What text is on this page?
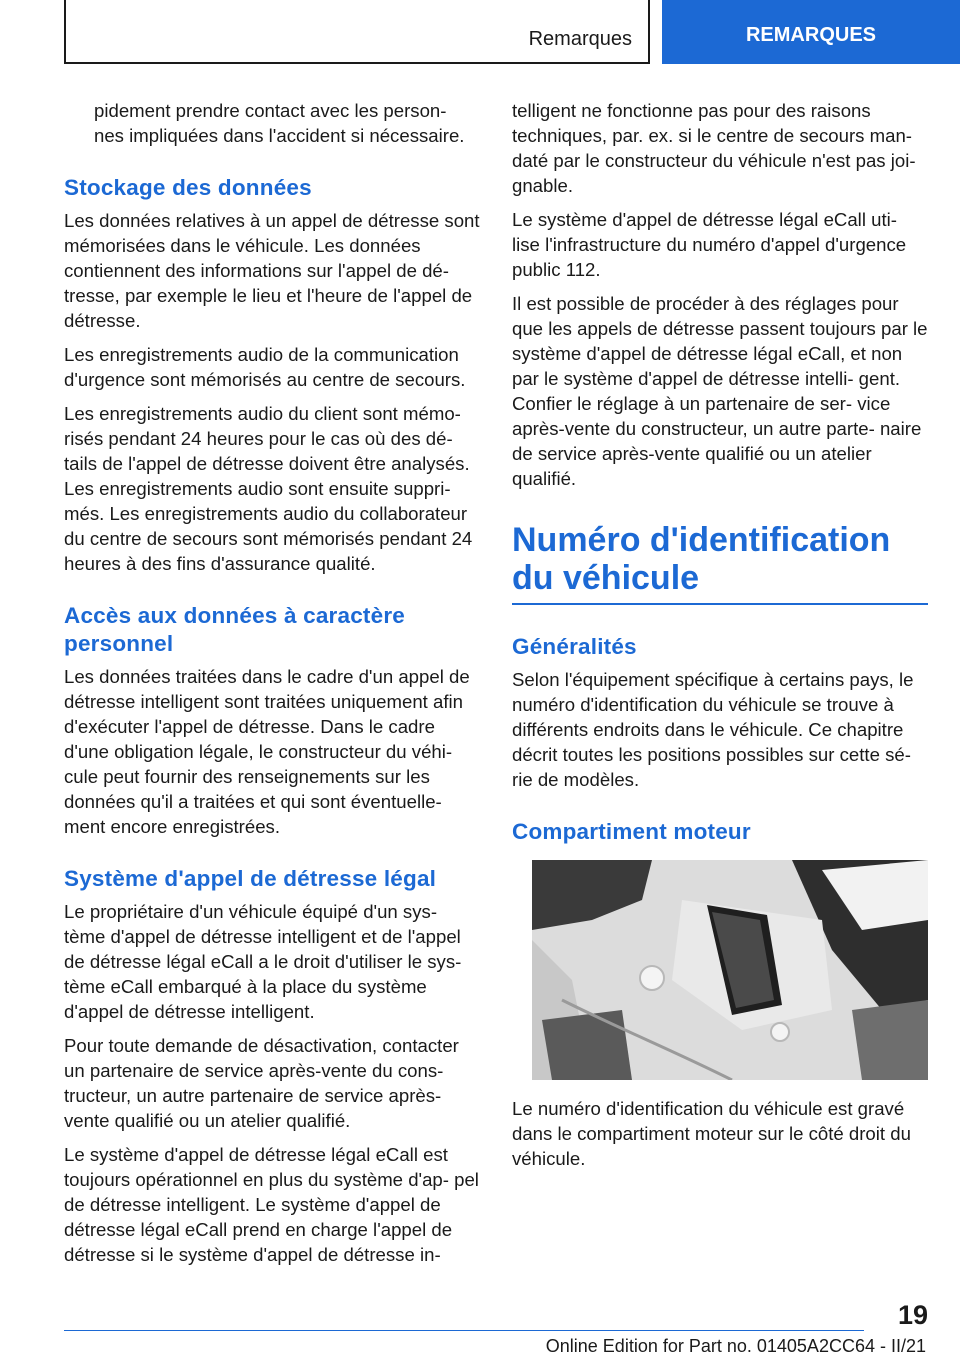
Remarques	REMARQUES

pidement prendre contact avec les person‐ nes impliquées dans l'accident si nécessaire.

Stockage des données

Les données relatives à un appel de détresse sont mémorisées dans le véhicule. Les données contiennent des informations sur l'appel de dé‐ tresse, par exemple le lieu et l'heure de l'appel de détresse.

Les enregistrements audio de la communication d'urgence sont mémorisés au centre de secours.

Les enregistrements audio du client sont mémo‐ risés pendant 24 heures pour le cas où des dé‐ tails de l'appel de détresse doivent être analysés. Les enregistrements audio sont ensuite suppri‐ més. Les enregistrements audio du collaborateur du centre de secours sont mémorisés pendant 24 heures à des fins d'assurance qualité.

Accès aux données à caractère personnel

Les données traitées dans le cadre d'un appel de détresse intelligent sont traitées uniquement afin d'exécuter l'appel de détresse. Dans le cadre d'une obligation légale, le constructeur du véhi‐ cule peut fournir des renseignements sur les données qu'il a traitées et qui sont éventuelle‐ ment encore enregistrées.

Système d'appel de détresse légal

Le propriétaire d'un véhicule équipé d'un sys‐ tème d'appel de détresse intelligent et de l'appel de détresse légal eCall a le droit d'utiliser le sys‐ tème eCall embarqué à la place du système d'appel de détresse intelligent.

Pour toute demande de désactivation, contacter un partenaire de service après-vente du cons‐ tructeur, un autre partenaire de service après- vente qualifié ou un atelier qualifié.

Le système d'appel de détresse légal eCall est toujours opérationnel en plus du système d'ap‐ pel de détresse intelligent. Le système d'appel de détresse légal eCall prend en charge l'appel de détresse si le système d'appel de détresse in‐

telligent ne fonctionne pas pour des raisons techniques, par. ex. si le centre de secours man‐ daté par le constructeur du véhicule n'est pas joi‐ gnable.

Le système d'appel de détresse légal eCall uti‐ lise l'infrastructure du numéro d'appel d'urgence public 112.

Il est possible de procéder à des réglages pour que les appels de détresse passent toujours par le système d'appel de détresse légal eCall, et non par le système d'appel de détresse intelli‐ gent. Confier le réglage à un partenaire de ser‐ vice après-vente du constructeur, un autre parte‐ naire de service après-vente qualifié ou un atelier qualifié.

Numéro d'identification du véhicule
Généralités

Selon l'équipement spécifique à certains pays, le numéro d'identification du véhicule se trouve à différents endroits dans le véhicule. Ce chapitre décrit toutes les positions possibles sur cette sé‐ rie de modèles.

Compartiment moteur

Le numéro d'identification du véhicule est gravé dans le compartiment moteur sur le côté droit du véhicule.

19
Online Edition for Part no. 01405A2CC64 - II/21
